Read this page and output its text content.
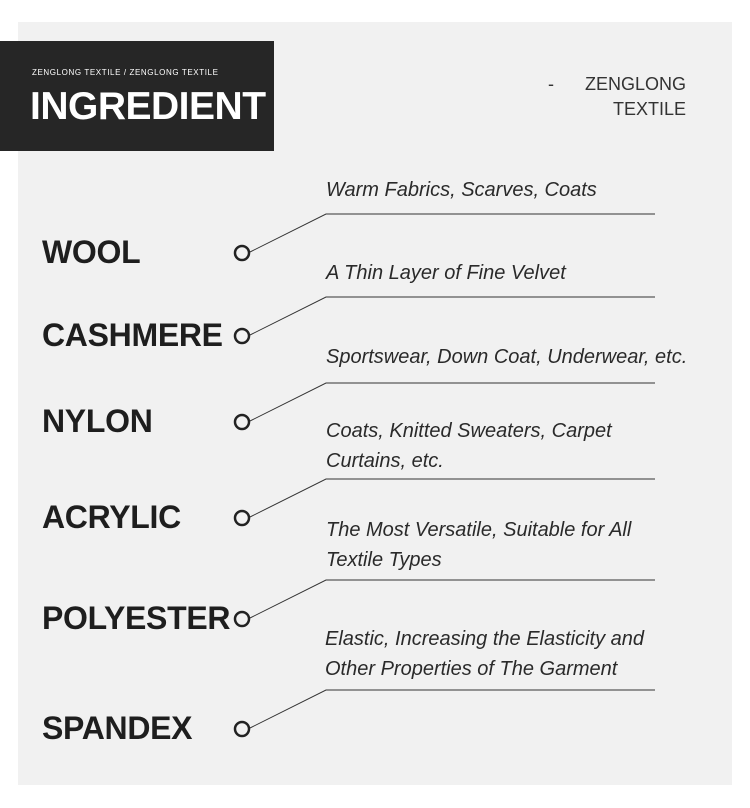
ZENGLONG TEXTILE / ZENGLONG TEXTILE
INGREDIENT
-	ZENGLONG
TEXTILE
WOOL
CASHMERE
NYLON
ACRYLIC
POLYESTER
SPANDEX
Warm Fabrics, Scarves, Coats
A Thin Layer of Fine Velvet
Sportswear, Down Coat, Underwear, etc.
Coats, Knitted Sweaters, Carpet Curtains, etc.
The Most Versatile, Suitable for All Textile Types
Elastic, Increasing the Elasticity and Other Properties of The Garment
